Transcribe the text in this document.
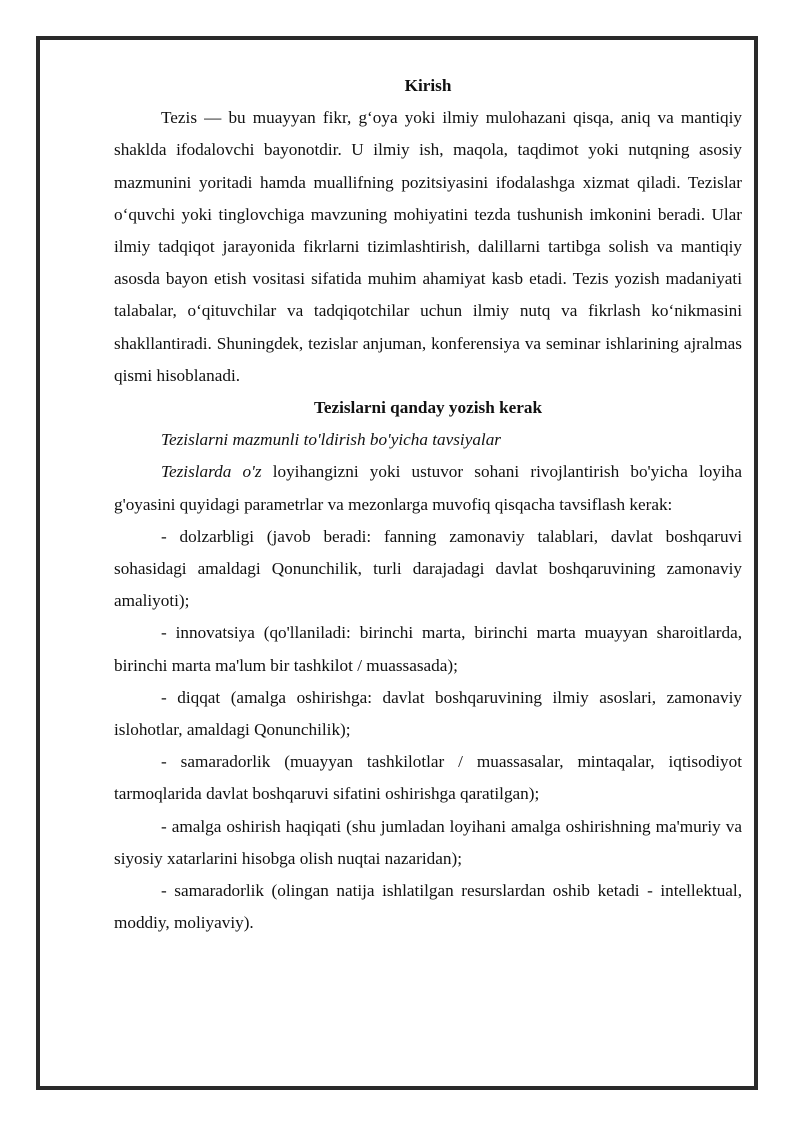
Kirish

Tezis — bu muayyan fikr, g‘oya yoki ilmiy mulohazani qisqa, aniq va mantiqiy shaklda ifodalovchi bayonotdir. U ilmiy ish, maqola, taqdimot yoki nutqning asosiy mazmunini yoritadi hamda muallifning pozitsiyasini ifodalashga xizmat qiladi. Tezislar o‘quvchi yoki tinglovchiga mavzuning mohiyatini tezda tushunish imkonini beradi. Ular ilmiy tadqiqot jarayonida fikrlarni tizimlashtirish, dalillarni tartibga solish va mantiqiy asosda bayon etish vositasi sifatida muhim ahamiyat kasb etadi. Tezis yozish madaniyati talabalar, o‘qituvchilar va tadqiqotchilar uchun ilmiy nutq va fikrlash ko‘nikmasini shakllantiradi. Shuningdek, tezislar anjuman, konferensiya va seminar ishlarining ajralmas qismi hisoblanadi.

Tezislarni qanday yozish kerak

Tezislarni mazmunli to'ldirish bo'yicha tavsiyalar

Tezislarda o'z loyihangizni yoki ustuvor sohani rivojlantirish bo'yicha loyiha g'oyasini quyidagi parametrlar va mezonlarga muvofiq qisqacha tavsiflash kerak:

- dolzarbligi (javob beradi: fanning zamonaviy talablari, davlat boshqaruvi sohasidagi amaldagi Qonunchilik, turli darajadagi davlat boshqaruvining zamonaviy amaliyoti);

- innovatsiya (qo'llaniladi: birinchi marta, birinchi marta muayyan sharoitlarda, birinchi marta ma'lum bir tashkilot / muassasada);

- diqqat (amalga oshirishga: davlat boshqaruvining ilmiy asoslari, zamonaviy islohotlar, amaldagi Qonunchilik);

- samaradorlik (muayyan tashkilotlar / muassasalar, mintaqalar, iqtisodiyot tarmoqlarida davlat boshqaruvi sifatini oshirishga qaratilgan);

- amalga oshirish haqiqati (shu jumladan loyihani amalga oshirishning ma'muriy va siyosiy xatarlarini hisobga olish nuqtai nazaridan);

- samaradorlik (olingan natija ishlatilgan resurslardan oshib ketadi - intellektual, moddiy, moliyaviy).
